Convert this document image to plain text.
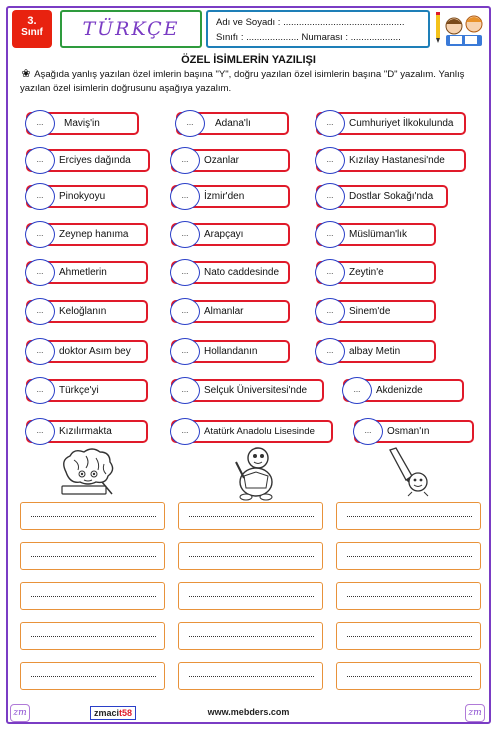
3.
Sınıf	TÜRKÇE	Adı ve Soyadı : ..............................................
Sınıfı : .................... Numarası : ...................
ÖZEL İSİMLERİN YAZILIŞI
❀ Aşağıda yanlış yazılan özel imlerin başına "Y", doğru yazılan özel isimlerin başına "D" yazalım. Yanlış yazılan özel isimlerin doğrusunu aşağıya yazalım.
...	Maviş'in	...	Adana'lı	...	Cumhuriyet İlkokulunda
...	Erciyes dağında	...	Ozanlar	...	Kızılay Hastanesi'nde
...	Pinokyoyu	...	İzmir'den	...	Dostlar Sokağı'nda
...	Zeynep hanıma	...	Arapçayı	...	Müslüman'lık
...	Ahmetlerin	...	Nato caddesinde	...	Zeytin'e
...	Keloğlanın	...	Almanlar	...	Sinem'de
...	doktor Asım bey	...	Hollandanın	...	albay Metin
...	Türkçe'yi	...	Selçuk Üniversitesi'nde	...	Akdenizde
...	Kızılırmakta	...	Atatürk Anadolu Lisesinde	...	Osman'ın
zm	zmacit58	www.mebders.com	zm
